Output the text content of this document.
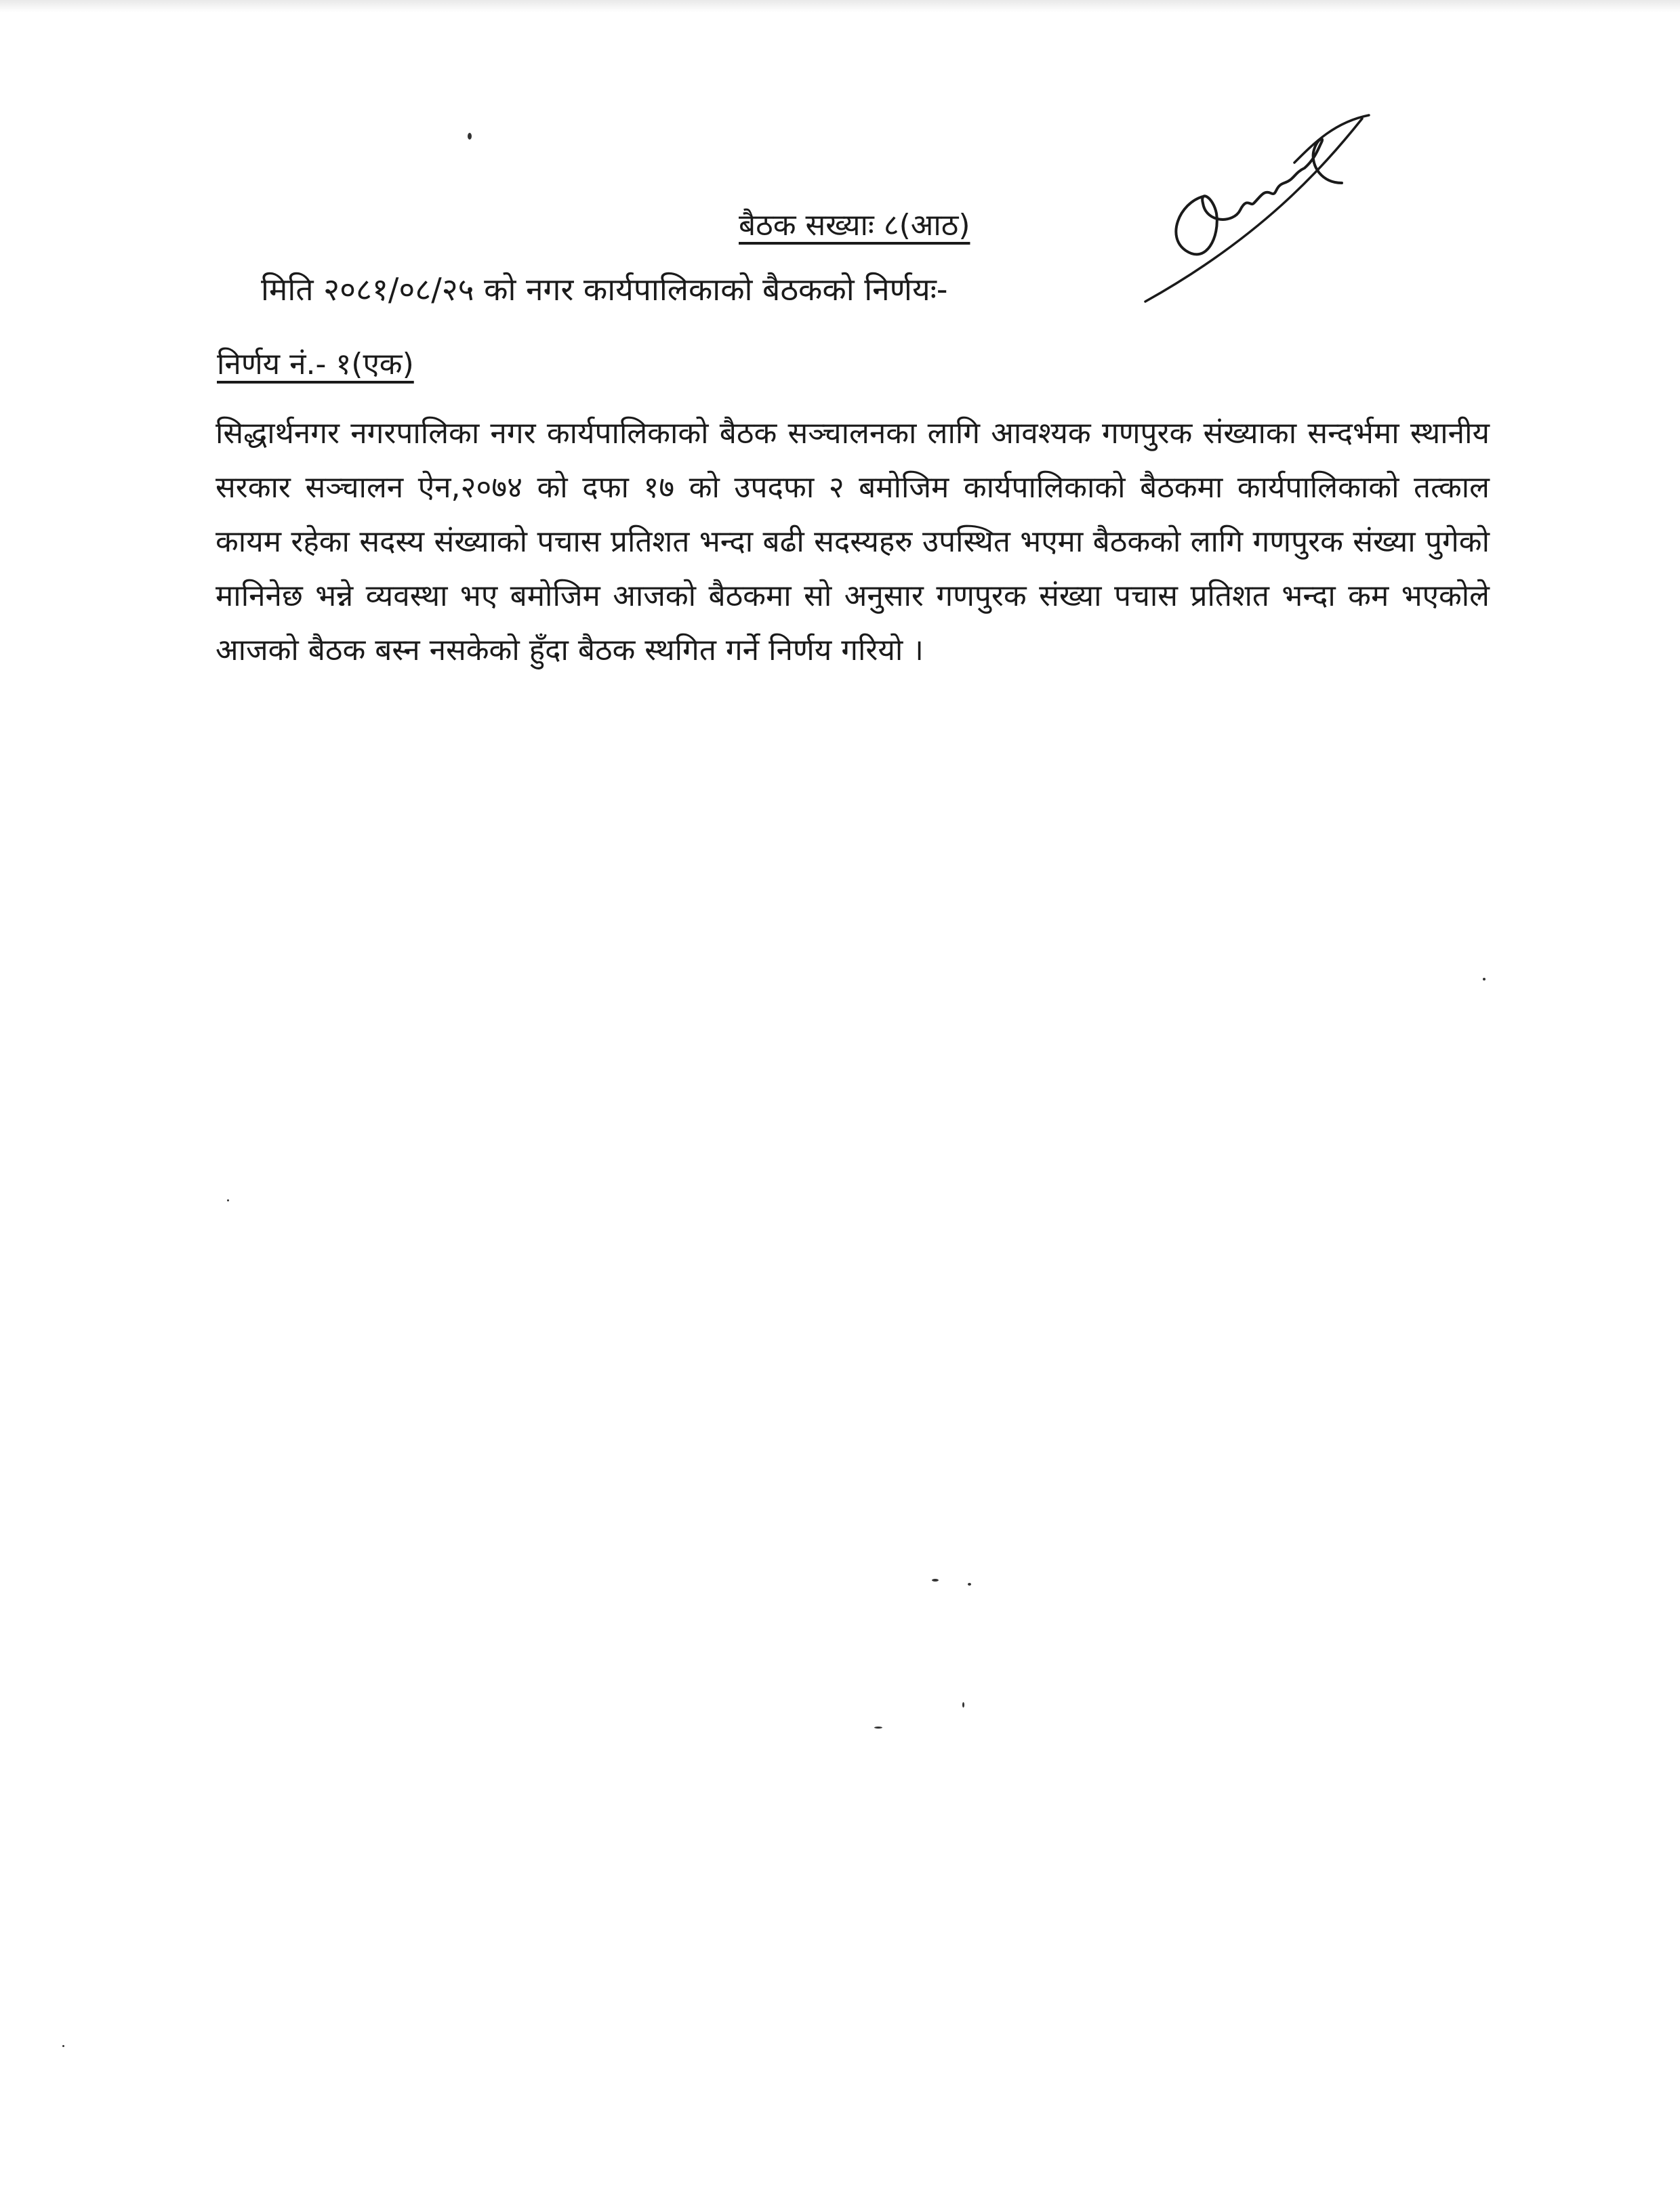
बैठक सख्याः ८(आठ)
मिति २०८१/०८/२५ को नगर कार्यपालिकाको बैठकको निर्णयः-
निर्णय नं.- १(एक)
सिद्धार्थनगर नगरपालिका नगर कार्यपालिकाको बैठक सञ्चालनका लागि आवश्यक गणपुरक संख्याका सन्दर्भमा स्थानीय सरकार सञ्चालन ऐन,२०७४ को दफा १७ को उपदफा २ बमोजिम कार्यपालिकाको बैठकमा कार्यपालिकाको तत्काल कायम रहेका सदस्य संख्याको पचास प्रतिशत भन्दा बढी सदस्यहरु उपस्थित भएमा बैठकको लागि गणपुरक संख्या पुगेको मानिनेछ भन्ने व्यवस्था भए बमोजिम आजको बैठकमा सो अनुसार गणपुरक संख्या पचास प्रतिशत भन्दा कम भएकोले आजको बैठक बस्न नसकेको हुँदा बैठक स्थगित गर्ने निर्णय गरियो ।
